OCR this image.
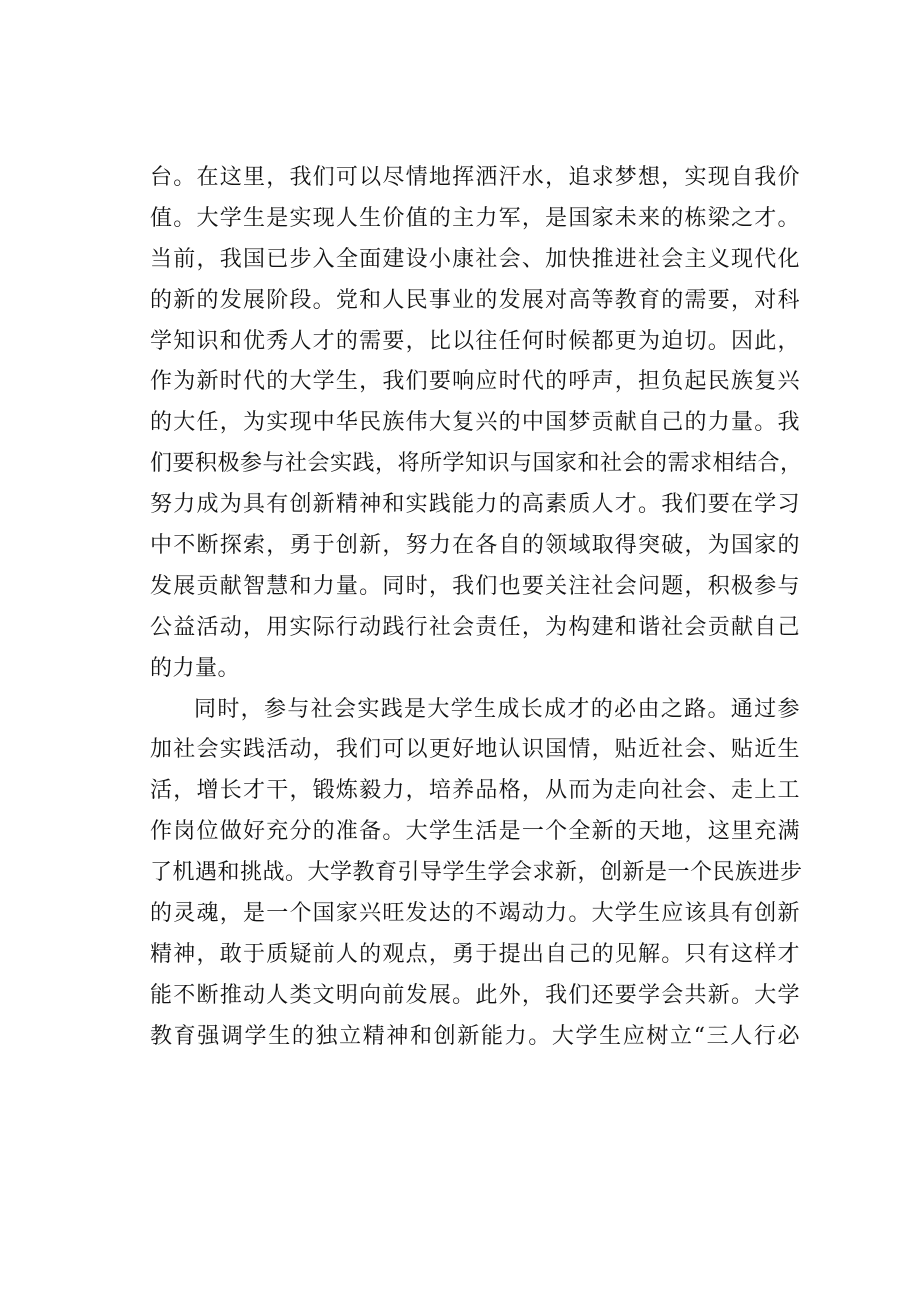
台。在这里，我们可以尽情地挥洒汗水，追求梦想，实现自我价
值。大学生是实现人生价值的主力军，是国家未来的栋梁之才。
当前，我国已步入全面建设小康社会、加快推进社会主义现代化
的新的发展阶段。党和人民事业的发展对高等教育的需要，对科
学知识和优秀人才的需要，比以往任何时候都更为迫切。因此，
作为新时代的大学生，我们要响应时代的呼声，担负起民族复兴
的大任，为实现中华民族伟大复兴的中国梦贡献自己的力量。我
们要积极参与社会实践，将所学知识与国家和社会的需求相结合，
努力成为具有创新精神和实践能力的高素质人才。我们要在学习
中不断探索，勇于创新，努力在各自的领域取得突破，为国家的
发展贡献智慧和力量。同时，我们也要关注社会问题，积极参与
公益活动，用实际行动践行社会责任，为构建和谐社会贡献自己
的力量。
同时，参与社会实践是大学生成长成才的必由之路。通过参
加社会实践活动，我们可以更好地认识国情，贴近社会、贴近生
活，增长才干，锻炼毅力，培养品格，从而为走向社会、走上工
作岗位做好充分的准备。大学生活是一个全新的天地，这里充满
了机遇和挑战。大学教育引导学生学会求新，创新是一个民族进步
的灵魂，是一个国家兴旺发达的不竭动力。大学生应该具有创新
精神，敢于质疑前人的观点，勇于提出自己的见解。只有这样才
能不断推动人类文明向前发展。此外，我们还要学会共新。大学
教育强调学生的独立精神和创新能力。大学生应树立“三人行必
